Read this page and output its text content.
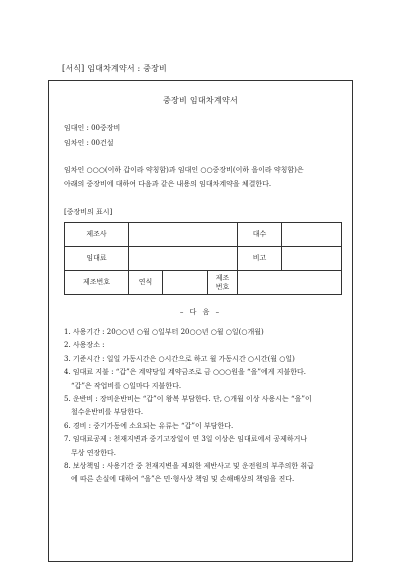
[서식] 임대차계약서 : 중장비
중장비 임대차계약서
임대인 : 00중장비
임차인 : 00건설

임차인 ○○○(이하 갑이라 약칭함)과 임대인 ○○중장비(이하 을이라 약칭함)은
아래의 중장비에 대하여 다음과 같은 내용의 임대차계약을 체결한다.

[중장비의 표시]
제조사				대수	
임대료				비고	
제조번호	연식		제조
번호		

– 다 음 –
1. 사용기간 : 20○○년 ○월 ○일부터 20○○년 ○월 ○일(○개월)
2. 사용장소 :
3. 기준시간 : 일일 가동시간은 ○시간으로 하고 월 가동시간 ○시간(월 ○일)
4. 임대료 지불 : “갑”은 계약당일 계약금조로 금 ○○○원을 “을”에게 지불한다.
“갑”은 작업비를 ○일마다 지불한다.
5. 운반비 : 장비운반비는 “갑”이 왕복 부담한다. 단, ○개월 이상 사용시는 “을”이
철수운반비를 부담한다.
6. 경비 : 중기가동에 소요되는 유류는 “갑”이 부담한다.
7. 임대료공제 : 천재지변과 중기고장일이 연 3일 이상은 임대료에서 공제하거나
무상 연장한다.
8. 보상책임 : 사용기간 중 천재지변을 제외한 제반사고 및 운전원의 부주의한 취급
에 따른 손실에 대하여 “을”은 민·형사상 책임 및 손해배상의 책임을 진다.
